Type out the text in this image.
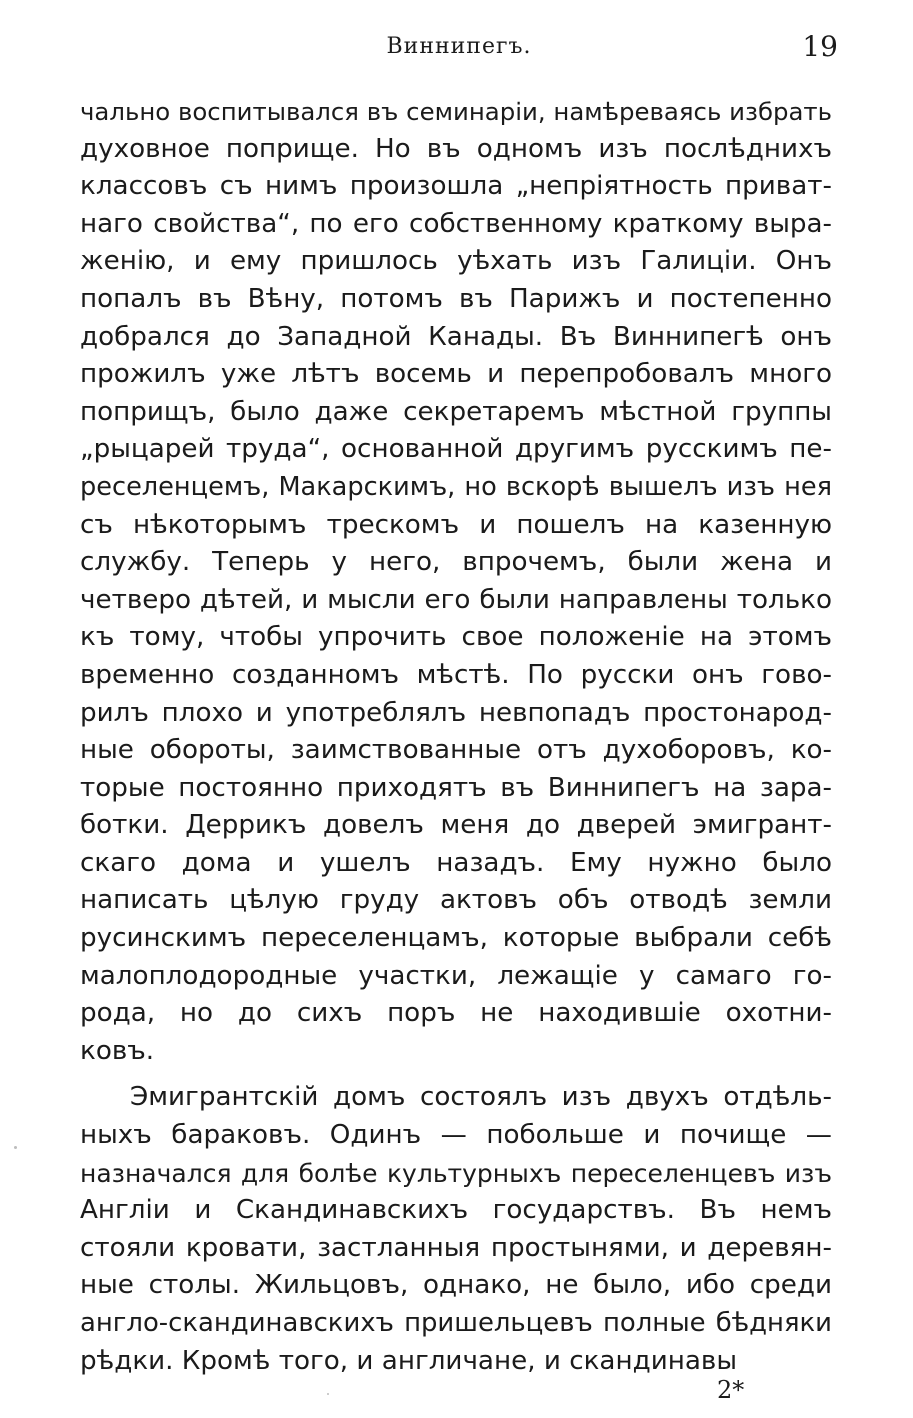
Виннипегъ.	19
чально воспитывался въ семинаріи, намѣреваясь избрать
духовное поприще. Но въ одномъ изъ послѣднихъ
классовъ съ нимъ произошла „непріятность приват-
наго свойства“, по его собственному краткому выра-
женію, и ему пришлось уѣхать изъ Галиціи. Онъ
попалъ въ Вѣну, потомъ въ Парижъ и постепенно
добрался до Западной Канады. Въ Виннипегѣ онъ
прожилъ уже лѣтъ восемь и перепробовалъ много
поприщъ, было даже секретаремъ мѣстной группы
„рыцарей труда“, основанной другимъ русскимъ пе-
реселенцемъ, Макарскимъ, но вскорѣ вышелъ изъ нея
съ нѣкоторымъ трескомъ и пошелъ на казенную
службу. Теперь у него, впрочемъ, были жена и
четверо дѣтей, и мысли его были направлены только
къ тому, чтобы упрочить свое положеніе на этомъ
временно созданномъ мѣстѣ. По русски онъ гово-
рилъ плохо и употреблялъ невпопадъ простонарод-
ные обороты, заимствованные отъ духоборовъ, ко-
торые постоянно приходятъ въ Виннипегъ на зара-
ботки. Деррикъ довелъ меня до дверей эмигрант-
скаго дома и ушелъ назадъ. Ему нужно было
написать цѣлую груду актовъ объ отводѣ земли
русинскимъ переселенцамъ, которые выбрали себѣ
малоплодородные участки, лежащіе у самаго го-
рода, но до сихъ поръ не находившіе охотни-
ковъ.
Эмигрантскій домъ состоялъ изъ двухъ отдѣль-
ныхъ бараковъ. Одинъ — побольше и почище —
назначался для болѣе культурныхъ переселенцевъ изъ
Англіи и Скандинавскихъ государствъ. Въ немъ
стояли кровати, застланныя простынями, и деревян-
ные столы. Жильцовъ, однако, не было, ибо среди
англо-скандинавскихъ пришельцевъ полные бѣдняки
рѣдки. Кромѣ того, и англичане, и скандинавы
2*
